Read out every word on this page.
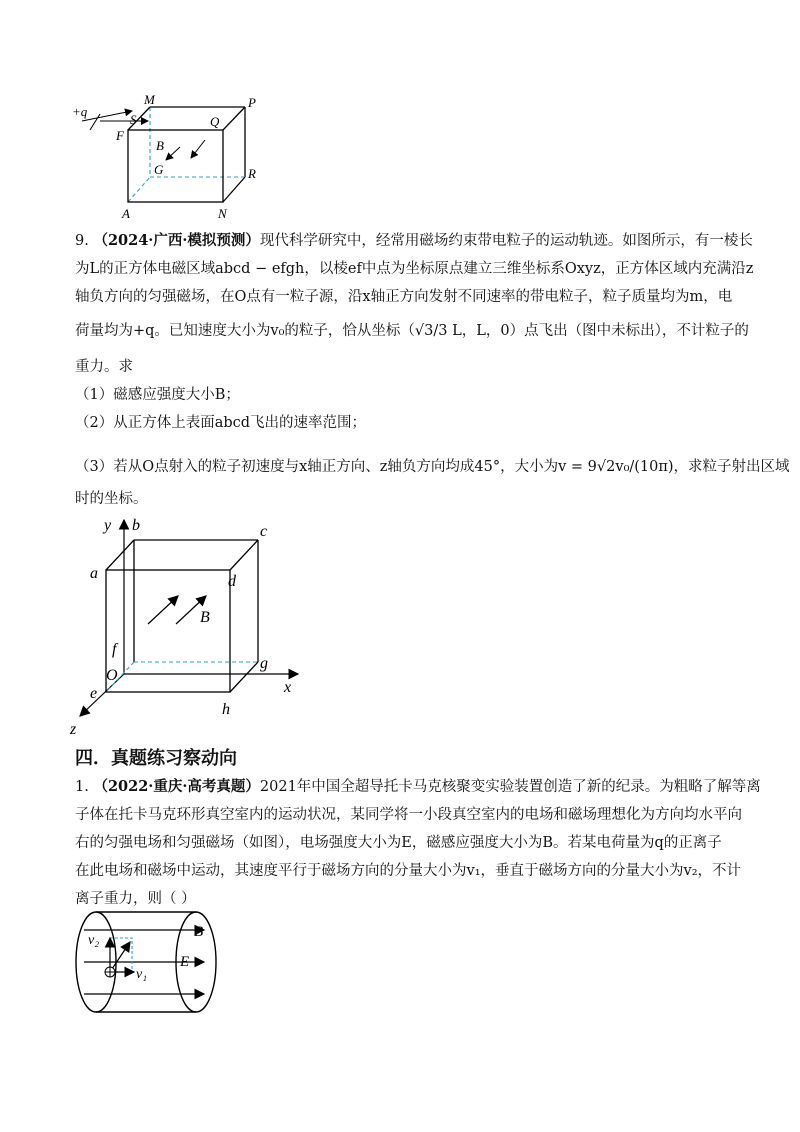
+q
M	P
S	Q
F
B
G	R
A	N
9. （2024·广西·模拟预测）现代科学研究中，经常用磁场约束带电粒子的运动轨迹。如图所示，有一棱长
为L的正方体电磁区域abcd − efgh，以棱ef中点为坐标原点建立三维坐标系Oxyz，正方体区域内充满沿z
轴负方向的匀强磁场，在O点有一粒子源，沿x轴正方向发射不同速率的带电粒子，粒子质量均为m，电
荷量均为+q。已知速度大小为v₀的粒子，恰从坐标（√3/3 L，L，0）点飞出（图中未标出），不计粒子的
重力。求
（1）磁感应强度大小B；
（2）从正方体上表面abcd飞出的速率范围；
（3）若从O点射入的粒子初速度与x轴正方向、z轴负方向均成45°，大小为v = 9√2v₀/(10π)，求粒子射出区域
时的坐标。
y b	c
a	d
B
f
O
g
x
e
h
z
四．真题练习察动向
1. （2022·重庆·高考真题）2021年中国全超导托卡马克核聚变实验装置创造了新的纪录。为粗略了解等离
子体在托卡马克环形真空室内的运动状况，某同学将一小段真空室内的电场和磁场理想化为方向均水平向
右的匀强电场和匀强磁场（如图），电场强度大小为E，磁感应强度大小为B。若某电荷量为q的正离子
在此电场和磁场中运动，其速度平行于磁场方向的分量大小为v₁，垂直于磁场方向的分量大小为v₂，不计
离子重力，则（ ）
v₂
v₁
B
E
